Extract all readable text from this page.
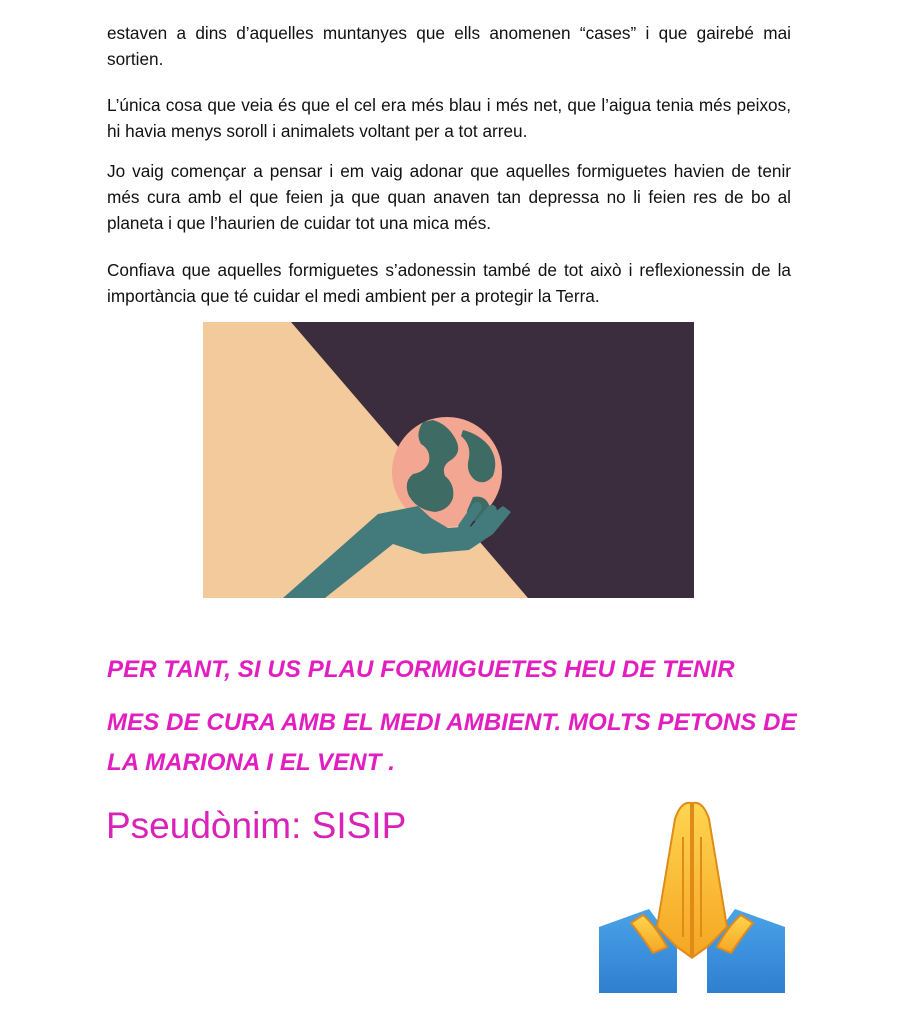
estaven a dins d’aquelles muntanyes que ells anomenen “cases” i que gairebé mai sortien.

L’única cosa que veia és que el cel era més blau i més net, que l’aigua tenia més peixos, hi havia menys soroll i animalets voltant per a tot arreu.

Jo vaig començar a pensar i em vaig adonar que aquelles formiguetes havien de tenir més cura amb el que feien ja que quan anaven tan depressa no li feien res de bo al planeta i que l’haurien de cuidar tot una mica més.

Confiava que aquelles formiguetes s’adonessin també de tot això i reflexionessin de la importància que té cuidar el medi ambient per a protegir la Terra.

PER TANT, SI US PLAU FORMIGUETES HEU DE TENIR

MES DE CURA AMB EL MEDI AMBIENT. MOLTS PETONS DE LA MARIONA I EL VENT .

Pseudònim: SISIP
